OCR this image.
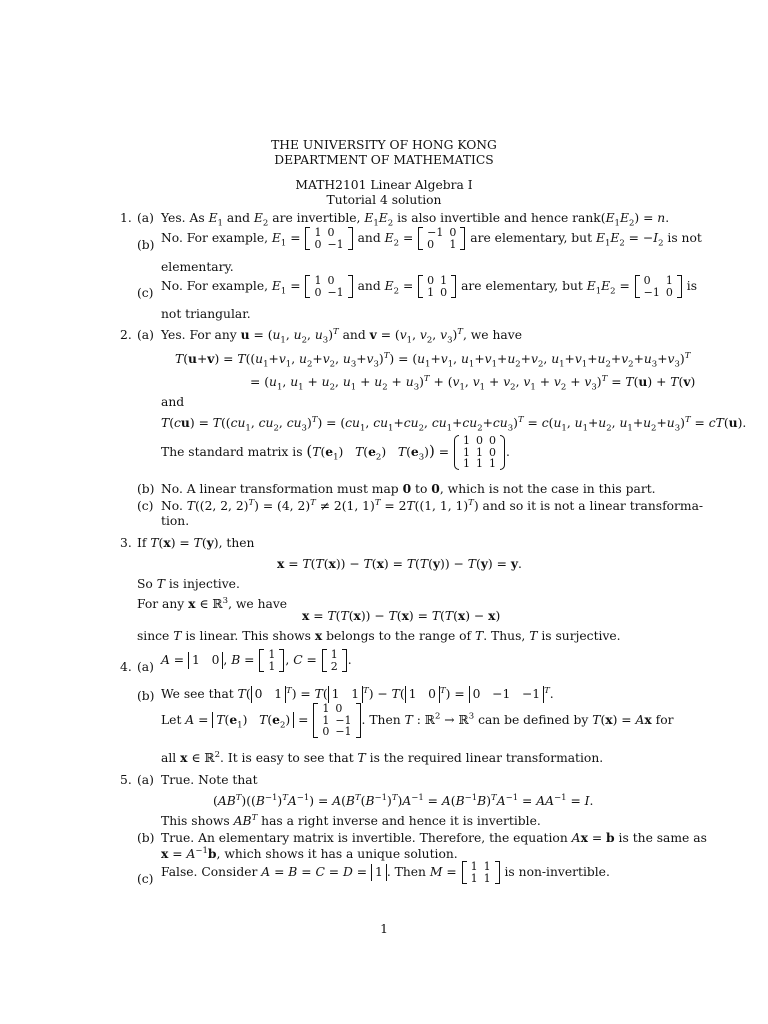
THE UNIVERSITY OF HONG KONG
DEPARTMENT OF MATHEMATICS
MATH2101 Linear Algebra I
Tutorial 4 solution
1. (a) Yes. As $E_1$ and $E_2$ are invertible, $E_1E_2$ is also invertible and hence $rank(E_1E_2) = n$.
(b) No. For example, $E_1 = 1$	0
0	−1 and $E_2 = -1$	0
0	1 are elementary, but $E_1E_2 = -I_2$ is not
elementary.
(c) No. For example, $E_1 = 1$	0
0	−1 and $E_2 = 0$	1
1	0 are elementary, but $E_1E_2 = 0$	1
−1	0 is
not triangular.
2. (a) Yes. For any $u = (u_1$, $u_2$, $u_3)^T$ and $v = (v_1$, $v_2$, $v_3)^T$, we have
$T(u+v) = T((u_1+v_1$, $u_2+v_2$, $u_3+v_3)^T) = (u_1+v_1$, $u_1+v_1+u_2+v_2$, $u_1+v_1+u_2+v_2+u_3+v_3)^T$
= ($u_1$, $u_1 + u_2$, $u_1 + u_2 + u_3)^T + (v_1$, $v_1 + v_2$, $v_1 + v_2 + v_3)^T = T(u) + T(v)$
and
$T(cu) = T((cu_1$, $cu_2$, $cu_3)^T) = (cu_1$, $cu_1+cu_2$, $cu_1+cu_2+cu_3)^T = c(u_1$, $u_1+u_2$, $u_1+u_2+u_3)^T = cT(u)$.
The standard matrix is ($T(e_1)$   $T(e_2) T(e_3)$) =
1	0	0
1	1	0
1	1	1
.
(b) No. A linear transformation must map 0 to 0, which is not the case in this part.
(c) No. T((2, 2, 2)$^T$) = (4, 2)$^T$ ≠ 2(1, 1)$^T$ = 2T((1, 1, 1)$^T$) and so it is not a linear transforma-
tion.
3. If T(x) = T(y), then
x = T(T(x)) − T(x) = T(T(y)) − T(y) = y.
So T is injective.
For any x ∈ ℝ$^3$, we have
x = T(T(x)) − T(x) = T(T(x) − x)
since T is linear. This shows x belongs to the range of T. Thus, T is surjective.
4. (a) A = 1   0 , B = 1
1 , C = 1
2 .
(b) We see that T( 0   1 $^T$) = T( 1   1 $^T$) − T( 1   0 $^T$) = 0   −1   −1 $^T$.
Let $A = T(e_1) T(e_2)$ =
1	0
1	−1
0	−1
. Then T : ℝ$^2$ → ℝ$^3$ can be defined by T(x) = Ax for
all x ∈ ℝ$^2$. It is easy to see that T is the required linear transformation.
5. (a) True. Note that
$(AB^T)((B^{-1})^TA^{-1}) = A(B^T(B^{-1})^T)A^{-1} = A(B^{-1}B)^TA^{-1} = AA^{-1} = I$.
This shows $AB^T$ has a right inverse and hence it is invertible.
(b) True. An elementary matrix is invertible. Therefore, the equation Ax = b is the same as
$x = A^{-1}b$, which shows it has a unique solution.
(c) False. Consider A = B = C = D = 1 . Then M = 1	1
1	1 is non-invertible.
1
